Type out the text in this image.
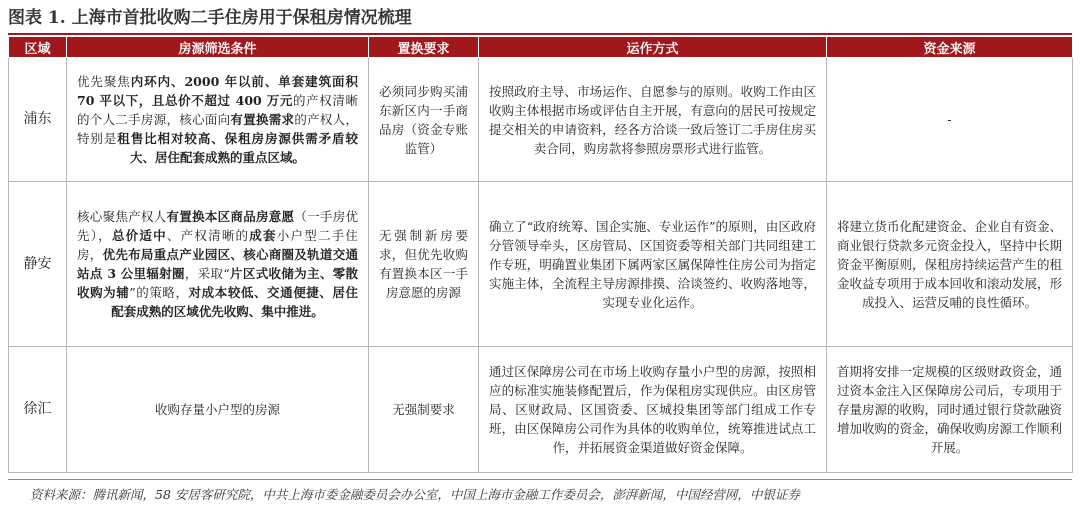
图表 1. 上海市首批收购二手住房用于保租房情况梳理
区域	房源筛选条件	置换要求	运作方式	资金来源
浦东	优先聚焦内环内、2000 年以前、单套建筑面积 70 平以下，且总价不超过 400 万元的产权清晰的个人二手房源，核心面向有置换需求的产权人，特别是租售比相对较高、保租房房源供需矛盾较大、居住配套成熟的重点区域。	必须同步购买浦东新区内一手商品房（资金专账监管）	按照政府主导、市场运作、自愿参与的原则。收购工作由区收购主体根据市场或评估自主开展，有意向的居民可按规定提交相关的申请资料，经各方洽谈一致后签订二手房住房买卖合同，购房款将参照房票形式进行监管。	-
静安	核心聚焦产权人有置换本区商品房意愿（一手房优先），总价适中、产权清晰的成套小户型二手住房，优先布局重点产业园区、核心商圈及轨道交通站点 3 公里辐射圈，采取“片区式收储为主、零散收购为辅”的策略，对成本较低、交通便捷、居住配套成熟的区域优先收购、集中推进。	无强制新房要求，但优先收购有置换本区一手房意愿的房源	确立了“政府统筹、国企实施、专业运作”的原则，由区政府分管领导牵头，区房管局、区国资委等相关部门共同组建工作专班，明确置业集团下属两家区属保障性住房公司为指定实施主体，全流程主导房源排摸、洽谈签约、收购落地等，实现专业化运作。	将建立货币化配建资金、企业自有资金、商业银行贷款多元资金投入，坚持中长期资金平衡原则，保租房持续运营产生的租金收益专项用于成本回收和滚动发展，形成投入、运营反哺的良性循环。
徐汇	收购存量小户型的房源	无强制要求	通过区保障房公司在市场上收购存量小户型的房源，按照相应的标准实施装修配置后，作为保租房实现供应。由区房管局、区财政局、区国资委、区城投集团等部门组成工作专班，由区保障房公司作为具体的收购单位，统筹推进试点工作，并拓展资金渠道做好资金保障。	首期将安排一定规模的区级财政资金，通过资本金注入区保障房公司后，专项用于存量房源的收购，同时通过银行贷款融资增加收购的资金，确保收购房源工作顺利开展。
资料来源：腾讯新闻，58 安居客研究院，中共上海市委金融委员会办公室，中国上海市金融工作委员会，澎湃新闻，中国经营网，中银证券
